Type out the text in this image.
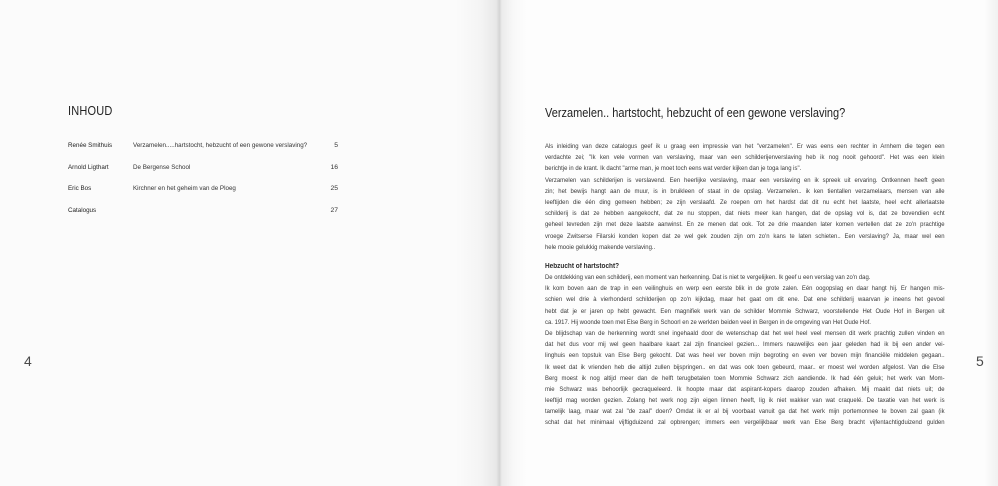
INHOUD
Renée Smithuis	Verzamelen.....hartstocht, hebzucht of een gewone verslaving?	5
Arnold Ligthart	De Bergense School	16
Eric Bos	Kirchner en het geheim van de Ploeg	25
Catalogus	27
4
Verzamelen.. hartstocht, hebzucht of een gewone verslaving?
Als inleiding van deze catalogus geef ik u graag een impressie van het "verzamelen". Er was eens een rechter in Arnhem die tegen een
verdachte zei; "Ik ken vele vormen van verslaving, maar van een schilderijenverslaving heb ik nog nooit gehoord". Het was een klein
berichtje in de krant. Ik dacht "arme man, je moet toch eens wat verder kijken dan je toga lang is".
Verzamelen van schilderijen is verslavend. Een heerlijke verslaving, maar een verslaving en ik spreek uit ervaring. Ontkennen heeft geen
zin; het bewijs hangt aan de muur, is in bruikleen of staat in de opslag. Verzamelen.. ik ken tientallen verzamelaars, mensen van alle
leeftijden die één ding gemeen hebben; ze zijn verslaafd. Ze roepen om het hardst dat dit nu echt het laatste, heel echt allerlaatste
schilderij is dat ze hebben aangekocht, dat ze nu stoppen, dat niets meer kan hangen, dat de opslag vol is, dat ze bovendien echt
geheel tevreden zijn met deze laatste aanwinst. En ze menen dat ook. Tot ze drie maanden later komen vertellen dat ze zo'n prachtige
vroege Zwitserse Filarski konden kopen dat ze wel gek zouden zijn om zo'n kans te laten schieten.. Een verslaving? Ja, maar wel een
hele mooie gelukkig makende verslaving..
Hebzucht of hartstocht?
De ontdekking van een schilderij, een moment van herkenning. Dat is niet te vergelijken. Ik geef u een verslag van zo'n dag.
Ik kom boven aan de trap in een veilinghuis en werp een eerste blik in de grote zalen. Eén oogopslag en daar hangt hij. Er hangen mis-
schien wel drie à vierhonderd schilderijen op zo'n kijkdag, maar het gaat om dit ene. Dat ene schilderij waarvan je ineens het gevoel
hebt dat je er jaren op hebt gewacht. Een magnifiek werk van de schilder Mommie Schwarz, voorstellende Het Oude Hof in Bergen uit
ca. 1917. Hij woonde toen met Else Berg in Schoorl en ze werkten beiden veel in Bergen in de omgeving van Het Oude Hof.
De blijdschap van de herkenning wordt snel ingehaald door de wetenschap dat het wel heel veel mensen dit werk prachtig zullen vinden en
dat het dus voor mij wel geen haalbare kaart zal zijn financieel gezien... Immers nauwelijks een jaar geleden had ik bij een ander vei-
linghuis een topstuk van Else Berg gekocht. Dat was heel ver boven mijn begroting en even ver boven mijn financiële middelen gegaan..
Ik weet dat ik vrienden heb die altijd zullen bijspringen.. en dat was ook toen gebeurd, maar.. er moest wel worden afgelost. Van die Else
Berg moest ik nog altijd meer dan de helft terugbetalen toen Mommie Schwarz zich aandiende. Ik had één geluk; het werk van Mom-
mie Schwarz was behoorlijk gecraqueleerd. Ik hoopte maar dat aspirant-kopers daarop zouden afhaken. Mij maakt dat niets uit; de
leeftijd mag worden gezien. Zolang het werk nog zijn eigen linnen heeft, lig ik niet wakker van wat craquelé. De taxatie van het werk is
tamelijk laag, maar wat zal "de zaal" doen? Omdat ik er al bij voorbaat vanuit ga dat het werk mijn portemonnee te boven zal gaan (ik
schat dat het minimaal vijftigduizend zal opbrengen; immers een vergelijkbaar werk van Else Berg bracht vijfentachtigduizend gulden
5
